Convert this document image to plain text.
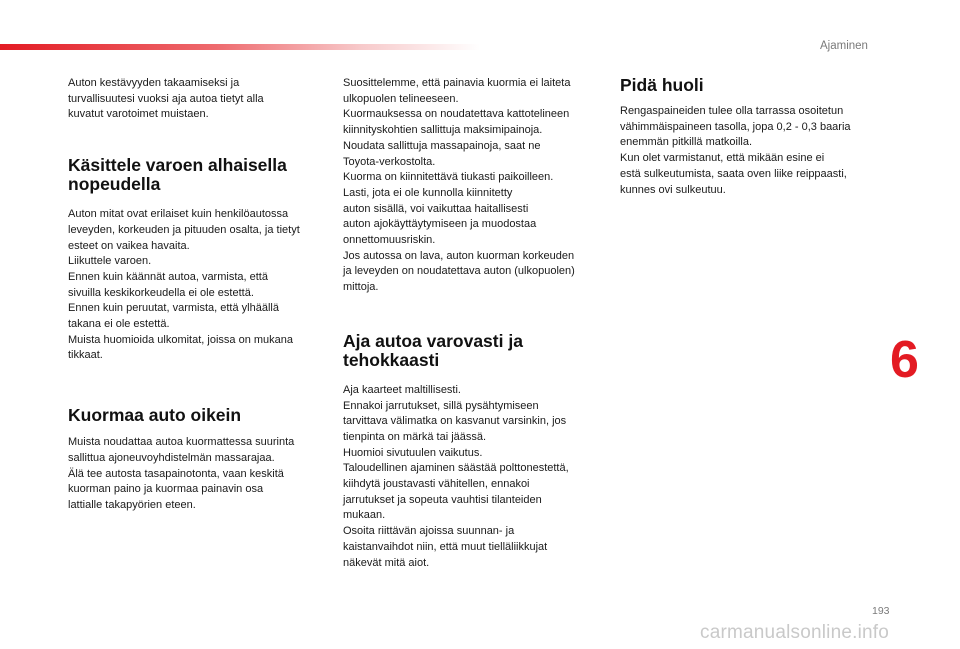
Ajaminen

Auton kestävyyden takaamiseksi ja
turvallisuutesi vuoksi aja autoa tietyt alla
kuvatut varotoimet muistaen.

Käsittele varoen alhaisella
nopeudella

Auton mitat ovat erilaiset kuin henkilöautossa
leveyden, korkeuden ja pituuden osalta, ja tietyt
esteet on vaikea havaita.
Liikuttele varoen.
Ennen kuin käännät autoa, varmista, että
sivuilla keskikorkeudella ei ole estettä.
Ennen kuin peruutat, varmista, että ylhäällä
takana ei ole estettä.
Muista huomioida ulkomitat, joissa on mukana
tikkaat.

Kuormaa auto oikein

Muista noudattaa autoa kuormattessa suurinta
sallittua ajoneuvoyhdistelmän massarajaa.
Älä tee autosta tasapainotonta, vaan keskitä
kuorman paino ja kuormaa painavin osa
lattialle takapyörien eteen.

Suosittelemme, että painavia kuormia ei laiteta
ulkopuolen telineeseen.
Kuormauksessa on noudatettava kattotelineen
kiinnityskohtien sallittuja maksimipainoja.
Noudata sallittuja massapainoja, saat ne
Toyota-verkostolta.
Kuorma on kiinnitettävä tiukasti paikoilleen.
Lasti, jota ei ole kunnolla kiinnitetty
auton sisällä, voi vaikuttaa haitallisesti
auton ajokäyttäytymiseen ja muodostaa
onnettomuusriskin.
Jos autossa on lava, auton kuorman korkeuden
ja leveyden on noudatettava auton (ulkopuolen)
mittoja.

Aja autoa varovasti ja
tehokkaasti

Aja kaarteet maltillisesti.
Ennakoi jarrutukset, sillä pysähtymiseen
tarvittava välimatka on kasvanut varsinkin, jos
tienpinta on märkä tai jäässä.
Huomioi sivutuulen vaikutus.
Taloudellinen ajaminen säästää polttonestettä,
kiihdytä joustavasti vähitellen, ennakoi
jarrutukset ja sopeuta vauhtisi tilanteiden
mukaan.
Osoita riittävän ajoissa suunnan- ja
kaistanvaihdot niin, että muut tielläliikkujat
näkevät mitä aiot.

Pidä huoli

Rengaspaineiden tulee olla tarrassa osoitetun
vähimmäispaineen tasolla, jopa 0,2 - 0,3 baaria
enemmän pitkillä matkoilla.
Kun olet varmistanut, että mikään esine ei
estä sulkeutumista, saata oven liike reippaasti,
kunnes ovi sulkeutuu.

6
193
carmanualsonline.info
